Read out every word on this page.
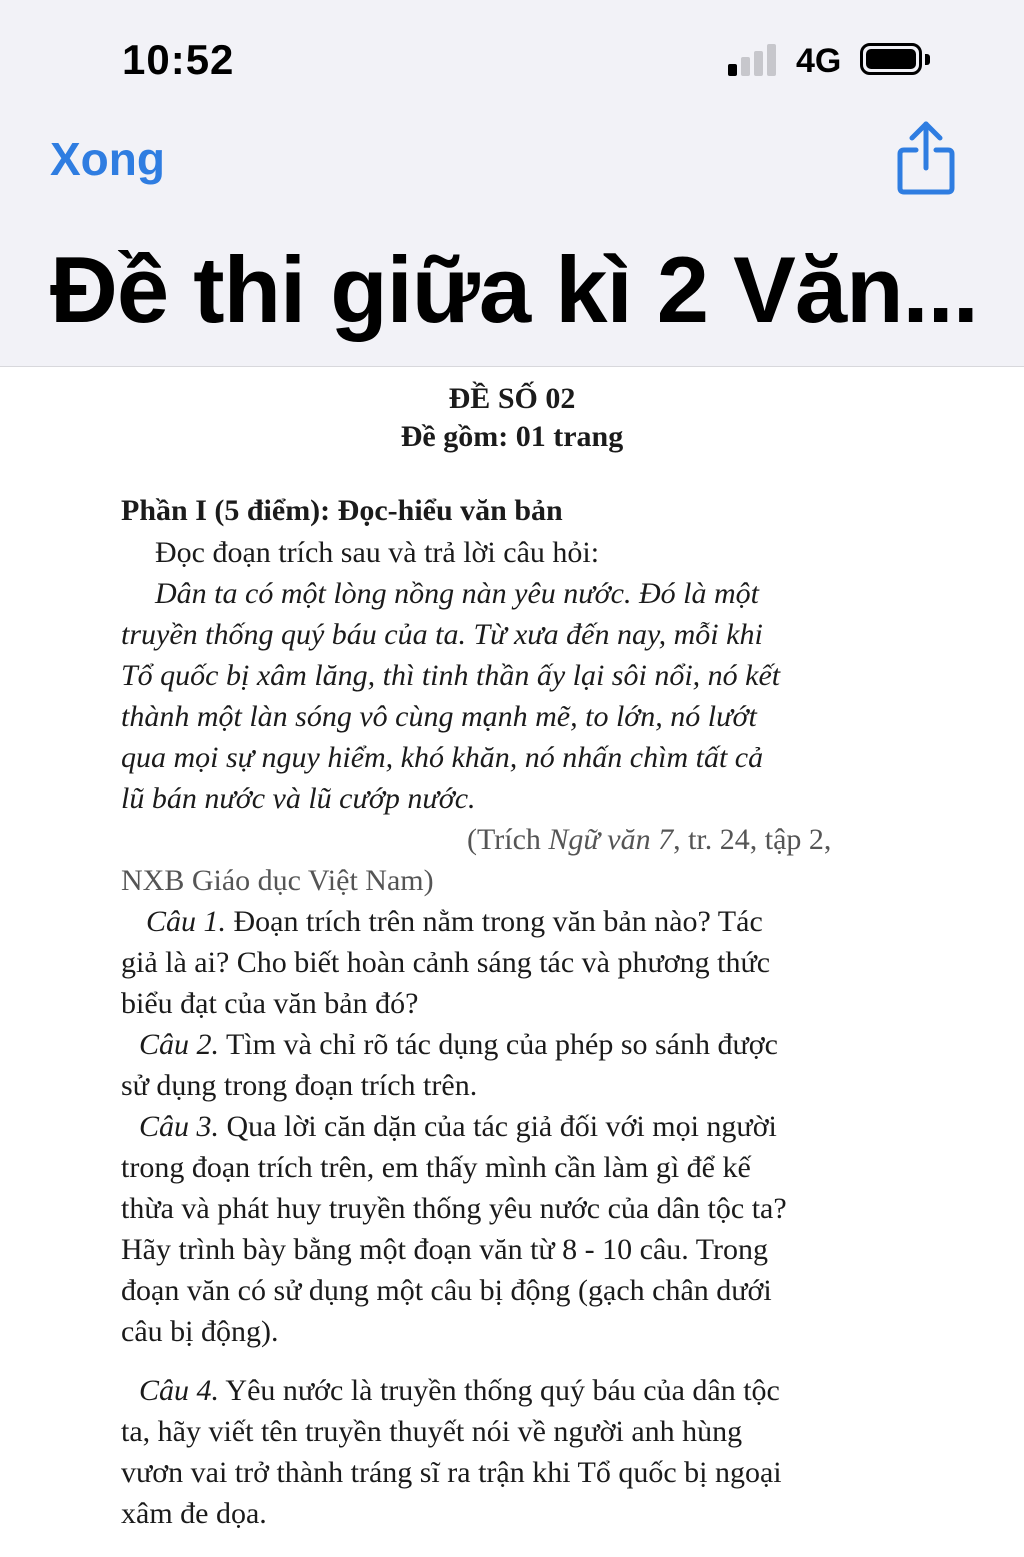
10:52	4G
Xong
Đề thi giữa kì 2 Văn...
ĐỀ SỐ 02
Đề gồm: 01 trang
Phần I (5 điểm): Đọc-hiểu văn bản
Đọc đoạn trích sau và trả lời câu hỏi:
Dân ta có một lòng nồng nàn yêu nước. Đó là một
truyền thống quý báu của ta. Từ xưa đến nay, mỗi khi
Tổ quốc bị xâm lăng, thì tinh thần ấy lại sôi nổi, nó kết
thành một làn sóng vô cùng mạnh mẽ, to lớn, nó lướt
qua mọi sự nguy hiểm, khó khăn, nó nhấn chìm tất cả
lũ bán nước và lũ cướp nước.
(Trích Ngữ văn 7, tr. 24, tập 2,
NXB Giáo dục Việt Nam)
Câu 1. Đoạn trích trên nằm trong văn bản nào? Tác
giả là ai? Cho biết hoàn cảnh sáng tác và phương thức
biểu đạt của văn bản đó?
Câu 2. Tìm và chỉ rõ tác dụng của phép so sánh được
sử dụng trong đoạn trích trên.
Câu 3. Qua lời căn dặn của tác giả đối với mọi người
trong đoạn trích trên, em thấy mình cần làm gì để kế
thừa và phát huy truyền thống yêu nước của dân tộc ta?
Hãy trình bày bằng một đoạn văn từ 8 - 10 câu. Trong
đoạn văn có sử dụng một câu bị động (gạch chân dưới
câu bị động).
Câu 4. Yêu nước là truyền thống quý báu của dân tộc
ta, hãy viết tên truyền thuyết nói về người anh hùng
vươn vai trở thành tráng sĩ ra trận khi Tổ quốc bị ngoại
xâm đe dọa.
